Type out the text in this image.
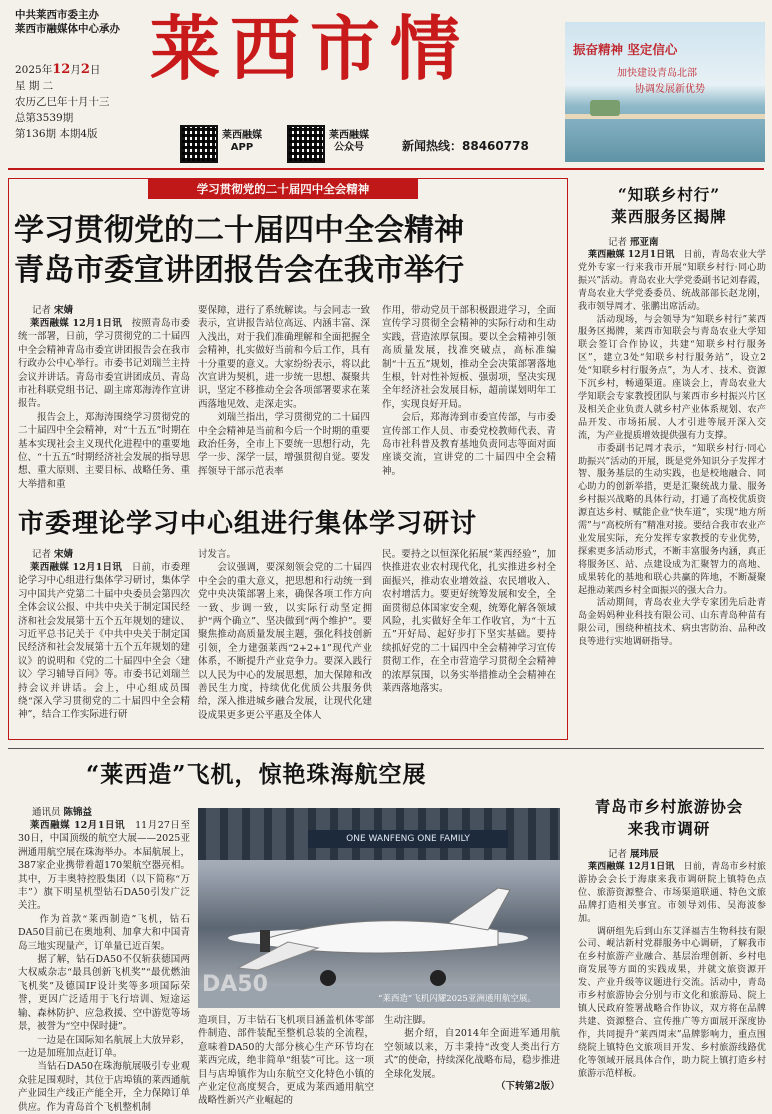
中共莱西市委主办
莱西市融媒体中心承办
2025年12月2日
星 期 二
农历乙巳年十月十三
总第3539期
第136期 本期4版
莱西市情
莱西融媒
APP
莱西融媒
公众号	新闻热线：88460778
振奋精神 坚定信心
加快建设青岛北部
协调发展新优势
学习贯彻党的二十届四中全会精神
学习贯彻党的二十届四中全会精神
青岛市委宣讲团报告会在我市举行

记者 宋婧

莱西融媒 12月1日讯　 按照青岛市委统一部署，日前，学习贯彻党的二十届四中全会精神青岛市委宣讲团报告会在我市行政办公中心举行。市委书记刘瑞兰主持会议并讲话。青岛市委宣讲团成员、青岛市社科联党组书记、副主席郑海涛作宣讲报告。
　　报告会上，郑海涛围绕学习贯彻党的二十届四中全会精神，对“十五五”时期在基本实现社会主义现代化进程中的重要地位、“十五五”时期经济社会发展的指导思想、重大原则、主要目标、战略任务、重大举措和重

要保障，进行了系统解读。与会同志一致表示，宣讲报告站位高远、内涵丰富、深入浅出，对于我们准确理解和全面把握全会精神，扎实做好当前和今后工作，具有十分重要的意义。大家纷纷表示，将以此次宣讲为契机，进一步统一思想、凝聚共识，坚定不移推动全会各项部署要求在莱西落地见效、走深走实。
　　刘瑞兰指出，学习贯彻党的二十届四中全会精神是当前和今后一个时期的重要政治任务，全市上下要统一思想行动，先学一步、深学一层，增强贯彻自觉。要发挥领导干部示范表率

作用，带动党员干部积极跟进学习，全面宣传学习贯彻全会精神的实际行动和生动实践，营造浓厚氛围。要以全会精神引领高质量发展，找准突破点，高标准编制“十五五”规划，推动全会决策部署落地生根，针对性补短板、强弱项，坚决实现全年经济社会发展目标，超前谋划明年工作，实现良好开局。
　　会后，郑海涛到市委宣传部，与市委宣传部工作人员、市委党校教师代表、青岛市社科普及教育基地负责同志等面对面座谈交流，宣讲党的二十届四中全会精神。

市委理论学习中心组进行集体学习研讨

记者 宋婧

莱西融媒 12月1日讯　 日前，市委理论学习中心组进行集体学习研讨，集体学习中国共产党第二十届中央委员会第四次全体会议公报、中共中央关于制定国民经济和社会发展第十五个五年规划的建议、习近平总书记关于《中共中央关于制定国民经济和社会发展第十五个五年规划的建议》的说明和《党的二十届四中全会〈建议〉学习辅导百问》等。市委书记刘瑞兰持会议并讲话。会上，中心组成员围绕“深入学习贯彻党的二十届四中全会精神”，结合工作实际进行研

讨发言。
　　会议强调，要深刻领会党的二十届四中全会的重大意义，把思想和行动统一到党中央决策部署上来，确保各项工作方向一致、步调一致，以实际行动坚定拥护“两个确立”、坚决做到“两个维护”。要聚焦推动高质量发展主题，强化科技创新引领，全力建强莱西“2+2+1”现代产业体系，不断提升产业竞争力。要深入践行以人民为中心的发展思想，加大保障和改善民生力度，持续优化优质公共服务供给，深入推进城乡融合发展，让现代化建设成果更多更公平惠及全体人

民。要持之以恒深化拓展“莱西经验”，加快推进农业农村现代化，扎实推进乡村全面振兴，推动农业增效益、农民增收入、农村增活力。要更好统筹发展和安全，全面贯彻总体国家安全观，统筹化解各领域风险，扎实做好全年工作收官，为“十五五”开好局、起好步打下坚实基础。要持续抓好党的二十届四中全会精神学习宣传贯彻工作，在全市营造学习贯彻全会精神的浓厚氛围，以务实举措推动全会精神在莱西落地落实。

“知联乡村行”
莱西服务区揭牌

记者 邢亚南

莱西融媒 12月1日讯　 日前，青岛农业大学党外专家一行来我市开展“知联乡村行·同心助振兴”活动。青岛农业大学党委副书记刘春霞，青岛农业大学党委委员、统战部部长赵龙刚，我市领导周才、张鹏出席活动。
　　活动现场，与会领导为“知联乡村行”莱西服务区揭牌，莱西市知联会与青岛农业大学知联会签订合作协议，共建“知联乡村行服务区”，建立3处“知联乡村行服务站”，设立2处“知联乡村行服务点”，为人才、技术、资源下沉乡村，畅通渠道。座谈会上，青岛农业大学知联会专家教授团队与莱西市乡村振兴片区及相关企业负责人就乡村产业体系规划、农产品开发、市场拓展、人才引进等展开深入交流，为产业提质增效提供强有力支撑。
　　市委副书记周才表示，“知联乡村行·同心助振兴”活动的开展，既是党外知识分子发挥才智、服务基层的生动实践，也是校地融合、同心助力的创新举措，更是汇聚统战力量、服务乡村振兴战略的具体行动，打通了高校优质资源直达乡村、赋能企业“快车道”，实现“地方所需”与“高校所有”精准对接。要结合我市农业产业发展实际，充分发挥专家教授的专业优势，探索更多活动形式，不断丰富服务内涵，真正将服务区、站、点建设成为汇聚智力的高地、成果转化的基地和联心共赢的阵地，不断凝聚起推动莱西乡村全面振兴的强大合力。
　　活动期间，青岛农业大学专家团先后赴青岛金妈妈种业科技有限公司、山东青岛种苗有限公司，围绕种植技术、病虫害防治、品种改良等进行实地调研指导。

“莱西造”飞机，惊艳珠海航空展

通讯员 陈锦益

莱西融媒 12月1日讯　 11月27日至30日，中国顶级的航空大展——2025亚洲通用航空展在珠海举办。本届航展上，387家企业携带着超170架航空器亮相。其中，万丰奥特控股集团（以下简称“万丰”）旗下明星机型钻石DA50引发广泛关注。
　　作为首款“莱西制造”飞机，钻石DA50目前已在奥地利、加拿大和中国青岛三地实现量产，订单量已近百架。
　　据了解，钻石DA50不仅斩获德国两大权威杂志“最具创新飞机奖”“最优燃油飞机奖”及德国IF设计奖等多项国际荣誉，更因广泛适用于飞行培训、短途运输、森林防护、应急救援、空中游览等场景，被誉为“空中保时捷”。
　　一边是在国际知名航展上大放异彩，一边是加班加点赶订单。
　　当钻石DA50在珠海航展吸引专业观众驻足围观时，其位于店埠镇的莱西通航产业园生产线正产能全开，全力保障订单供应。作为青岛首个飞机整机制

ONE WANFENG ONE FAMILY
DA50
“莱西造”飞机闪耀2025亚洲通用航空展。

造项目，万丰钻石飞机项目涵盖机体零部件制造、部件装配至整机总装的全流程，意味着DA50的大部分核心生产环节均在莱西完成，绝非简单“组装”可比。这一项目与店埠镇作为山东航空文化特色小镇的产业定位高度契合，更成为莱西通用航空战略性新兴产业崛起的

生动注脚。
　　据介绍，自2014年全面进军通用航空领域以来，万丰秉持“改变人类出行方式”的使命，持续深化战略布局，稳步推进全球化发展。

（下转第2版）
青岛市乡村旅游协会
来我市调研

记者 展玮辰

莱西融媒 12月1日讯　 日前，青岛市乡村旅游协会会长于海康来我市调研院上镇特色点位、旅游资源整合、市场渠道联通、特色文旅品牌打造相关事宜。市领导刘伟、吴海波参加。
　　调研组先后到山东艾泽福吉生物科技有限公司、岘沽新村党群服务中心调研，了解我市在乡村旅游产业融合、基层治理创新、乡村电商发展等方面的实践成果，并就文旅资源开发、产业升级等议题进行交流。活动中，青岛市乡村旅游协会分别与市文化和旅游局、院上镇人民政府签署战略合作协议，双方将在品牌共建、资源整合、宣传推广等方面展开深度协作，共同提升“莱西周末”品牌影响力，重点围绕院上镇特色文旅项目开发、乡村旅游线路优化等领域开展具体合作，助力院上镇打造乡村旅游示范样板。
